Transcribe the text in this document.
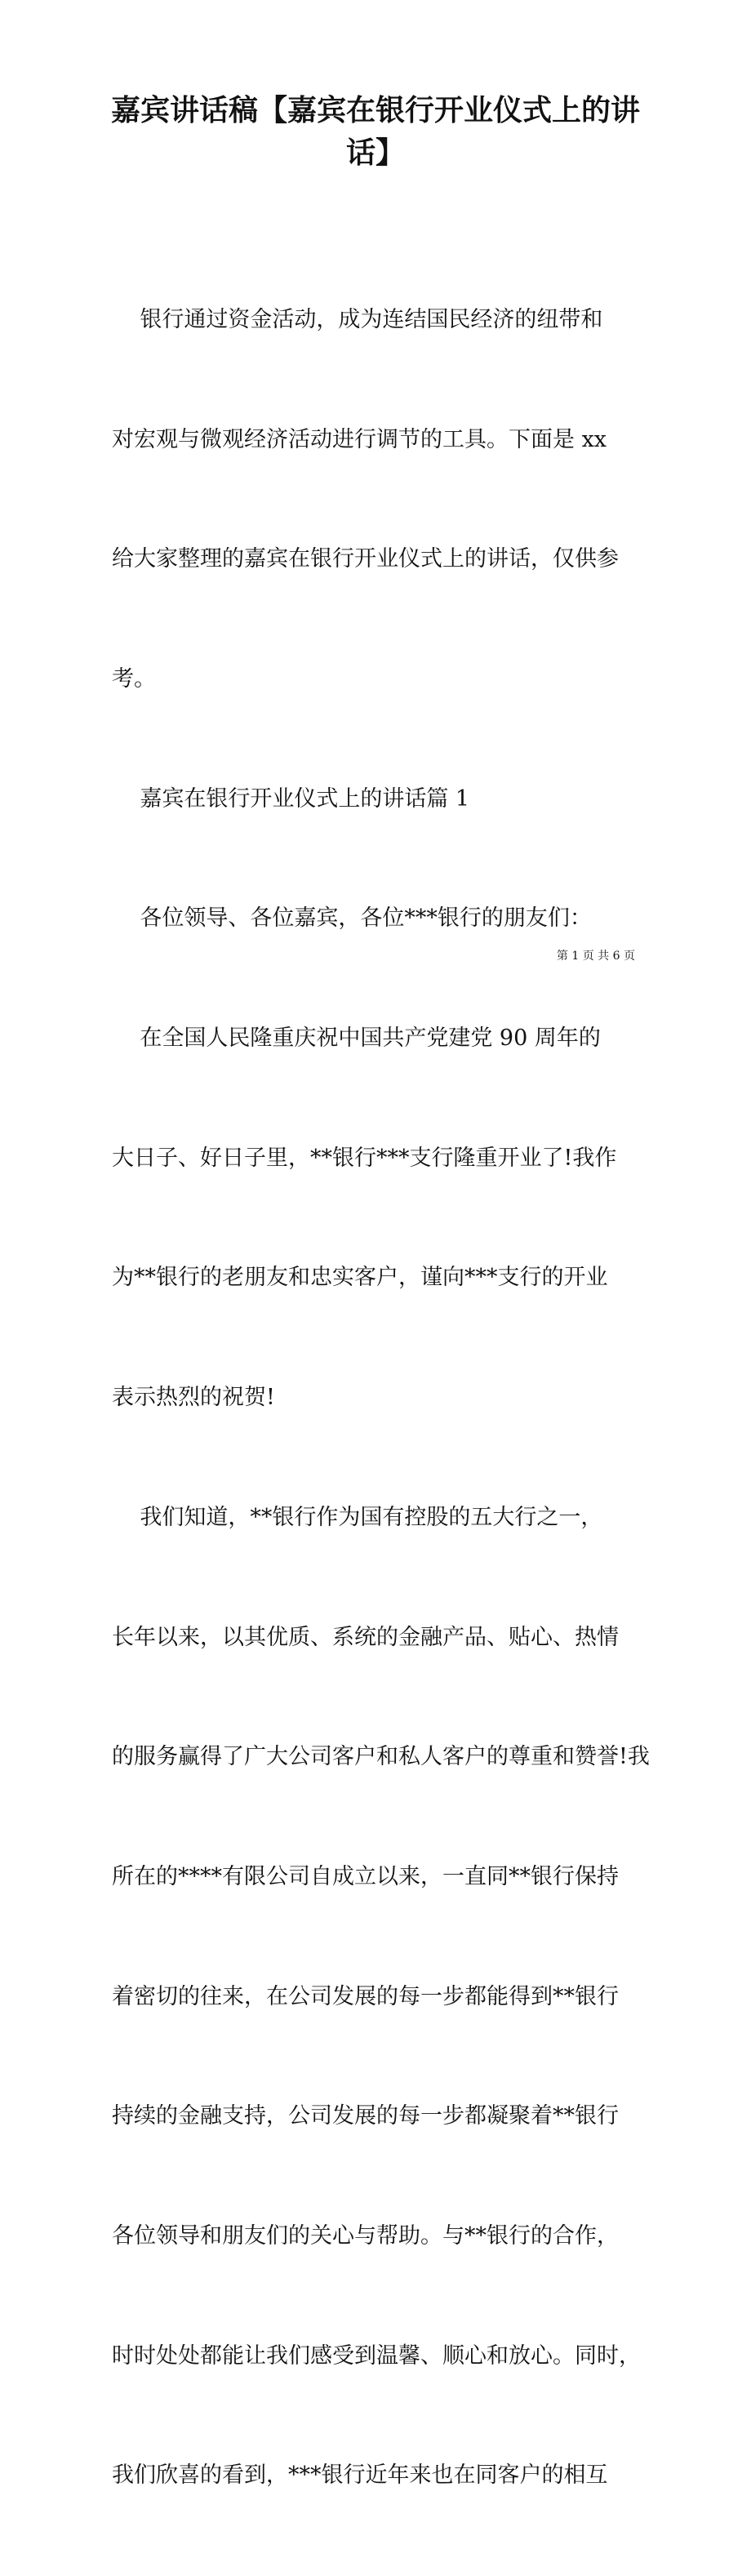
嘉宾讲话稿【嘉宾在银行开业仪式上的讲
话】

银行通过资金活动，成为连结国民经济的纽带和

对宏观与微观经济活动进行调节的工具。下面是 xx

给大家整理的嘉宾在银行开业仪式上的讲话，仅供参

考。

嘉宾在银行开业仪式上的讲话篇 1

各位领导、各位嘉宾，各位***银行的朋友们：

在全国人民隆重庆祝中国共产党建党 90 周年的

大日子、好日子里，**银行***支行隆重开业了!我作

为**银行的老朋友和忠实客户，谨向***支行的开业

表示热烈的祝贺!

我们知道，**银行作为国有控股的五大行之一，

长年以来，以其优质、系统的金融产品、贴心、热情

的服务赢得了广大公司客户和私人客户的尊重和赞誉!我

所在的****有限公司自成立以来，一直同**银行保持

着密切的往来，在公司发展的每一步都能得到**银行

持续的金融支持，公司发展的每一步都凝聚着**银行

各位领导和朋友们的关心与帮助。与**银行的合作，

时时处处都能让我们感受到温馨、顺心和放心。同时，

我们欣喜的看到，***银行近年来也在同客户的相互

第 1 页 共 6 页
